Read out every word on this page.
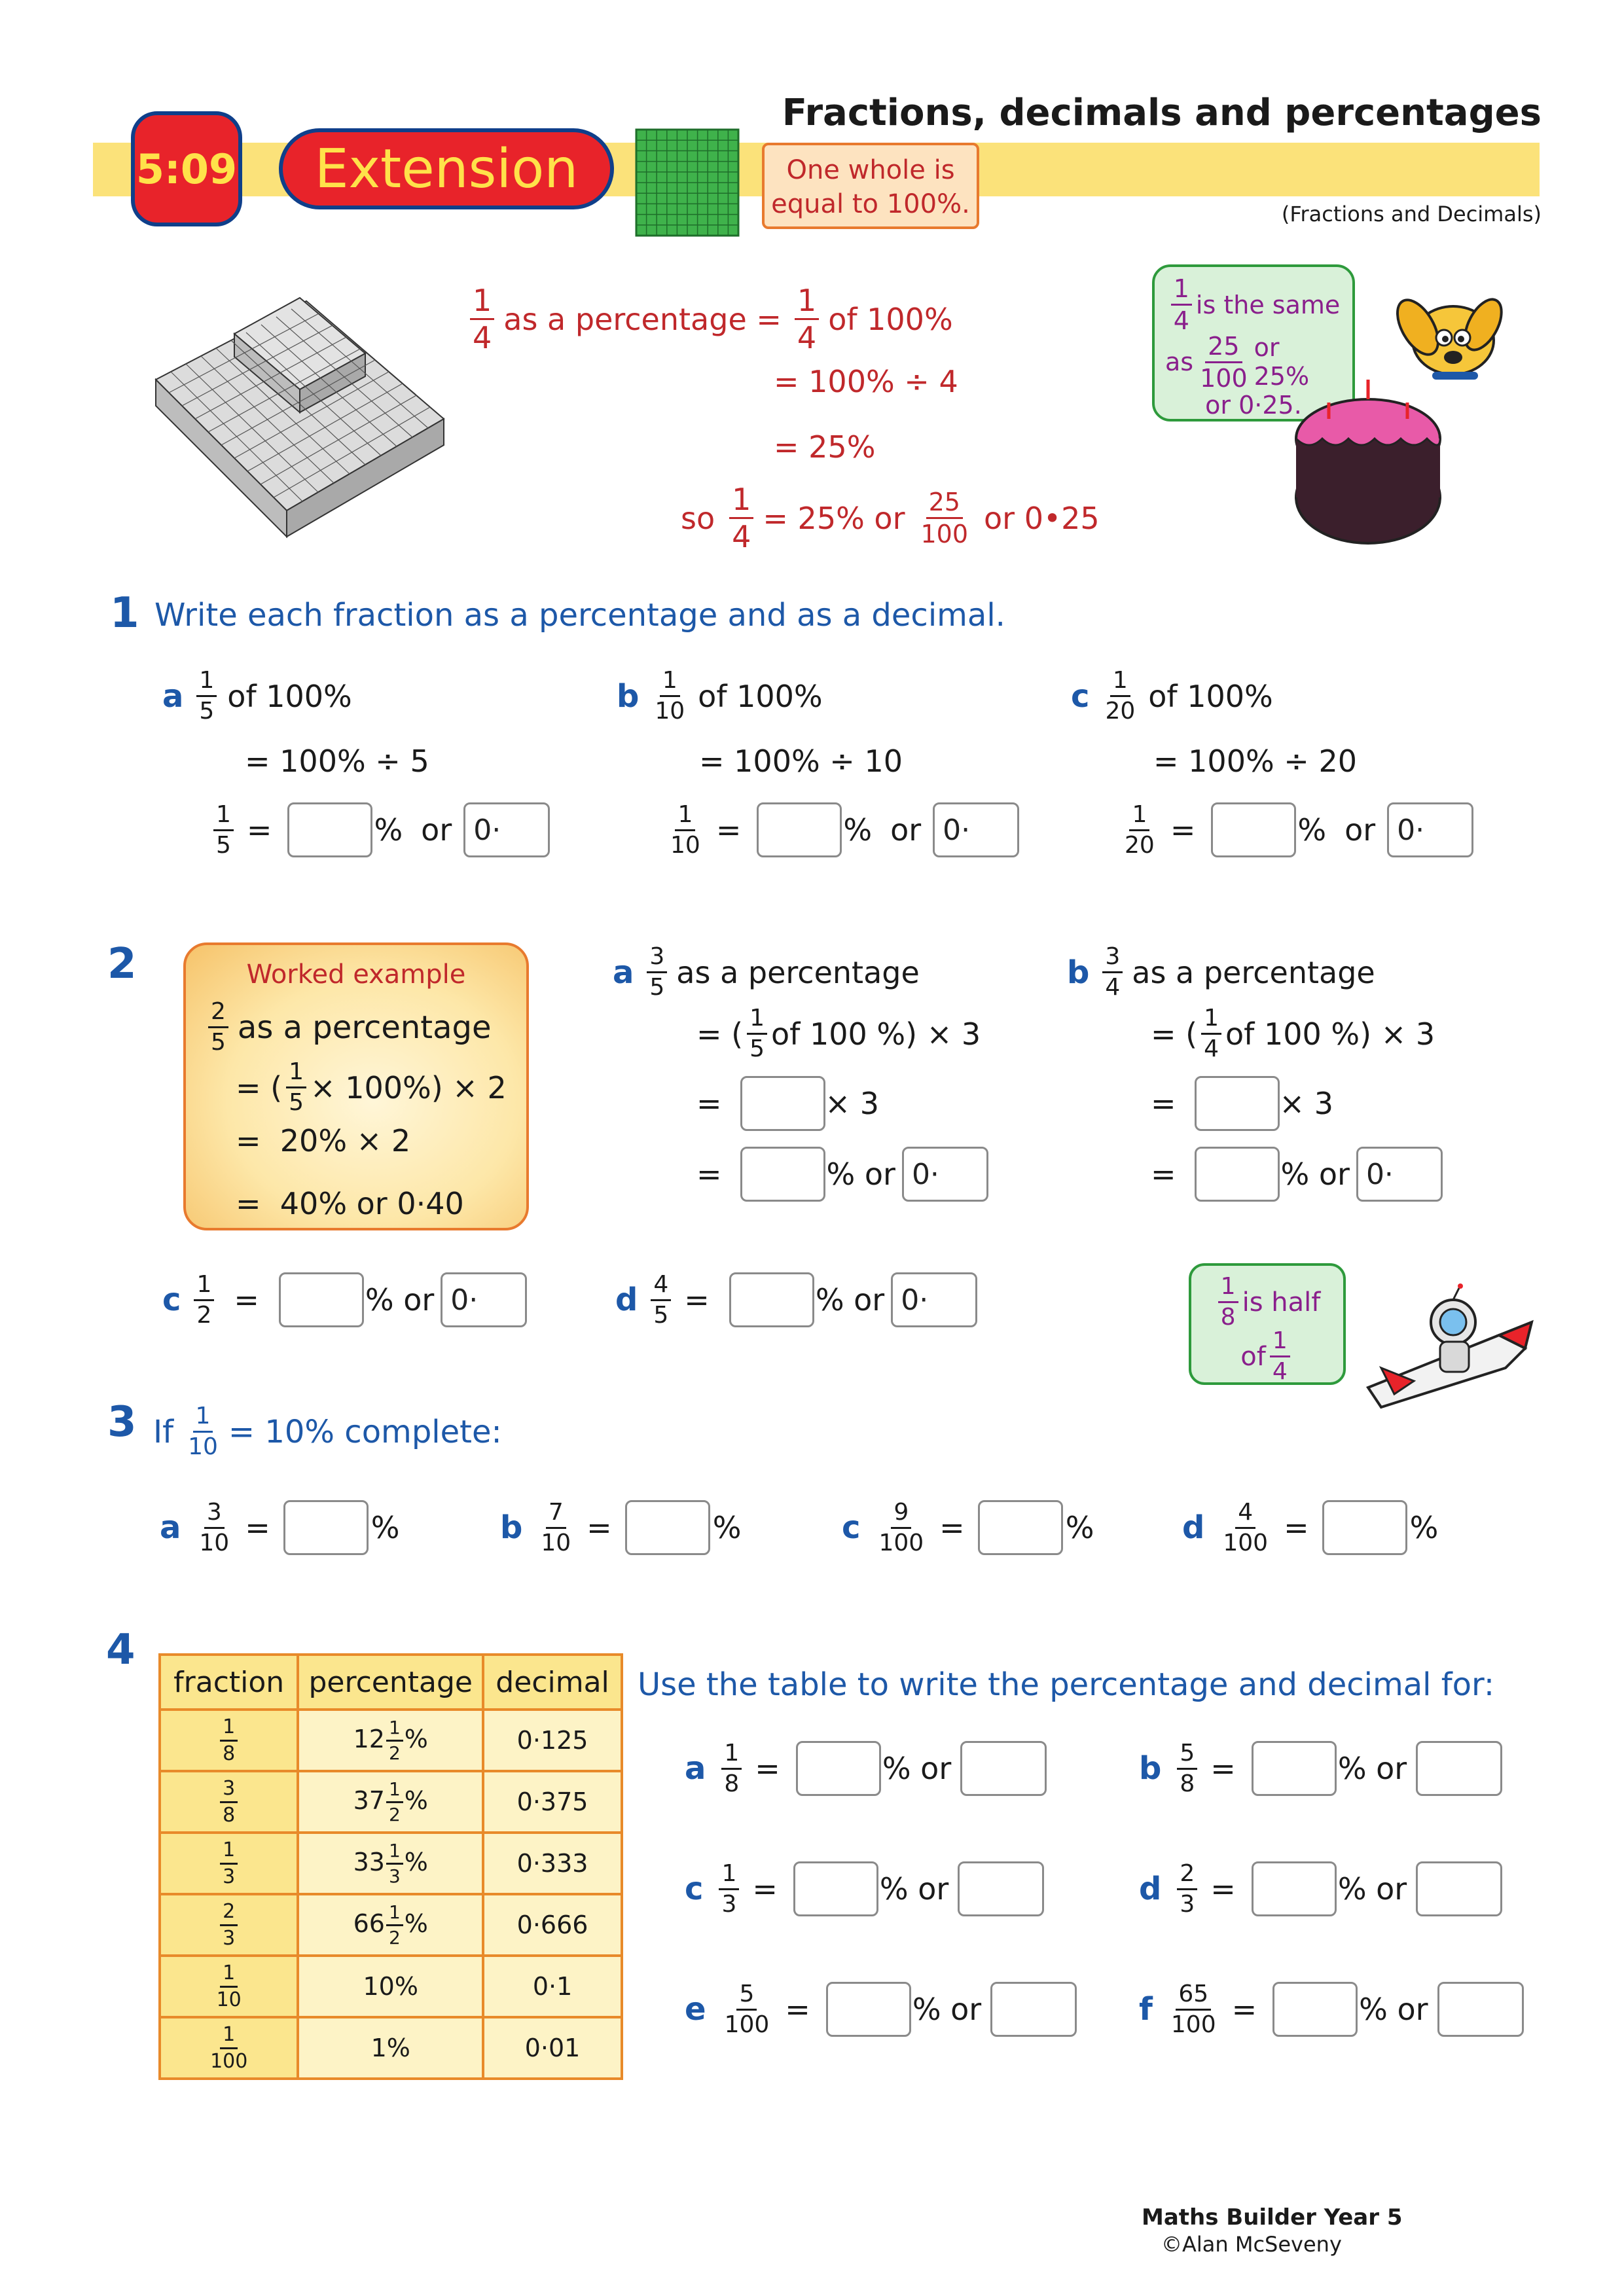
Fractions, decimals and percentages
5:09 Extension	One whole is
equal to 100%.	(Fractions and Decimals)
$\frac{1}{4}$ as a percentage = $\frac{1}{4}$ of 100%
= 100% ÷ 4
= 25%
so $\frac{1}{4} = 25\%$ or $\frac{25}{100}$ or 0•25
$\frac{1}{4}$ is the same
as $\frac{25}{100}$ or 25%
or 0·25.
1 Write each fraction as a percentage and as a decimal.
a $\frac{1}{5}$ of 100%
= 100% ÷ 5
$\frac{1}{5}$ =	% or 0·
b $\frac{1}{10}$ of 100%
= 100% ÷ 10
$\frac{1}{10}$ =	% or 0·
c $\frac{1}{20}$ of 100%
= 100% ÷ 20
$\frac{1}{20}$ =	% or 0·
2	Worked example
$\frac{2}{5}$ as a percentage
= ( $\frac{1}{5} \times 100\%) \times 2$
=  20% × 2
=  40% or 0·40
a $\frac{3}{5}$ as a percentage
= ( $\frac{1}{5}$ of 100 %) × 3
=	× 3
=	% or 0·
b $\frac{3}{4}$ as a percentage
= ( $\frac{1}{4}$ of 100 %) × 3
=	× 3
=	% or 0·
c $\frac{1}{2}$ =	% or 0·	d $\frac{4}{5}$ =	% or 0·	$\frac{1}{8}$ is half
of $\frac{1}{4}$
3 If $\frac{1}{10} = 10\%$ complete:
a $\frac{3}{10}$ =	%	b $\frac{7}{10}$ =	%	c $\frac{9}{100}$ =	%	d $\frac{4}{100}$ =	%
4
fraction	percentage	decimal

$\frac{1}{8}$	$12 \frac{1}{2}$ %	0·125

$\frac{3}{8}$	$37 \frac{1}{2}$ %	0·375

$\frac{1}{3}$	$33 \frac{1}{3}$ %	0·333

$\frac{2}{3}$	$66 \frac{1}{2}$ %	0·666

$\frac{1}{10}$	10%	0·1

$\frac{1}{100}$	1%	0·01
Use the table to write the percentage and decimal for:
a $\frac{1}{8}$ =	% or	b $\frac{5}{8}$ =	% or
c $\frac{1}{3}$ =	% or	d $\frac{2}{3}$ =	% or
e $\frac{5}{100}$ =	% or	f $\frac{65}{100}$ =	% or
Maths Builder Year 5
©Alan McSeveny
